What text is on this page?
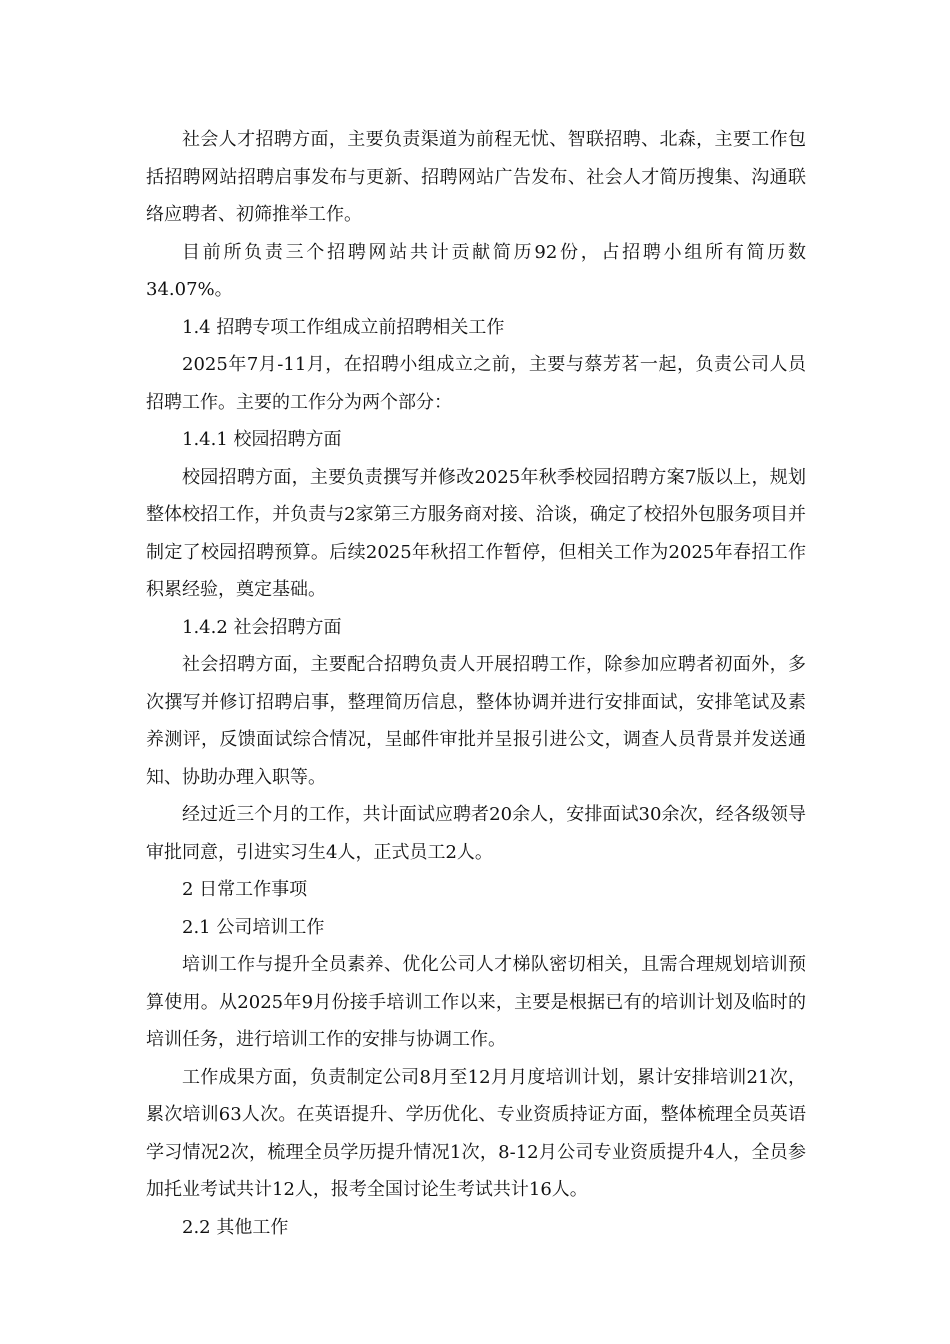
社会人才招聘方面，主要负责渠道为前程无忧、智联招聘、北森，主要工作包括招聘网站招聘启事发布与更新、招聘网站广告发布、社会人才简历搜集、沟通联络应聘者、初筛推举工作。

目前所负责三个招聘网站共计贡献简历92份，占招聘小组所有简历数34.07%。

1.4 招聘专项工作组成立前招聘相关工作

2025年7月-11月，在招聘小组成立之前，主要与蔡芳茗一起，负责公司人员招聘工作。主要的工作分为两个部分：

1.4.1 校园招聘方面

校园招聘方面，主要负责撰写并修改2025年秋季校园招聘方案7版以上，规划整体校招工作，并负责与2家第三方服务商对接、洽谈，确定了校招外包服务项目并制定了校园招聘预算。后续2025年秋招工作暂停，但相关工作为2025年春招工作积累经验，奠定基础。

1.4.2 社会招聘方面

社会招聘方面，主要配合招聘负责人开展招聘工作，除参加应聘者初面外，多次撰写并修订招聘启事，整理简历信息，整体协调并进行安排面试，安排笔试及素养测评，反馈面试综合情况，呈邮件审批并呈报引进公文，调查人员背景并发送通知、协助办理入职等。

经过近三个月的工作，共计面试应聘者20余人，安排面试30余次，经各级领导审批同意，引进实习生4人，正式员工2人。

2 日常工作事项

2.1 公司培训工作

培训工作与提升全员素养、优化公司人才梯队密切相关，且需合理规划培训预算使用。从2025年9月份接手培训工作以来，主要是根据已有的培训计划及临时的培训任务，进行培训工作的安排与协调工作。

工作成果方面，负责制定公司8月至12月月度培训计划，累计安排培训21次，累次培训63人次。在英语提升、学历优化、专业资质持证方面，整体梳理全员英语学习情况2次，梳理全员学历提升情况1次，8-12月公司专业资质提升4人，全员参加托业考试共计12人，报考全国讨论生考试共计16人。

2.2 其他工作
